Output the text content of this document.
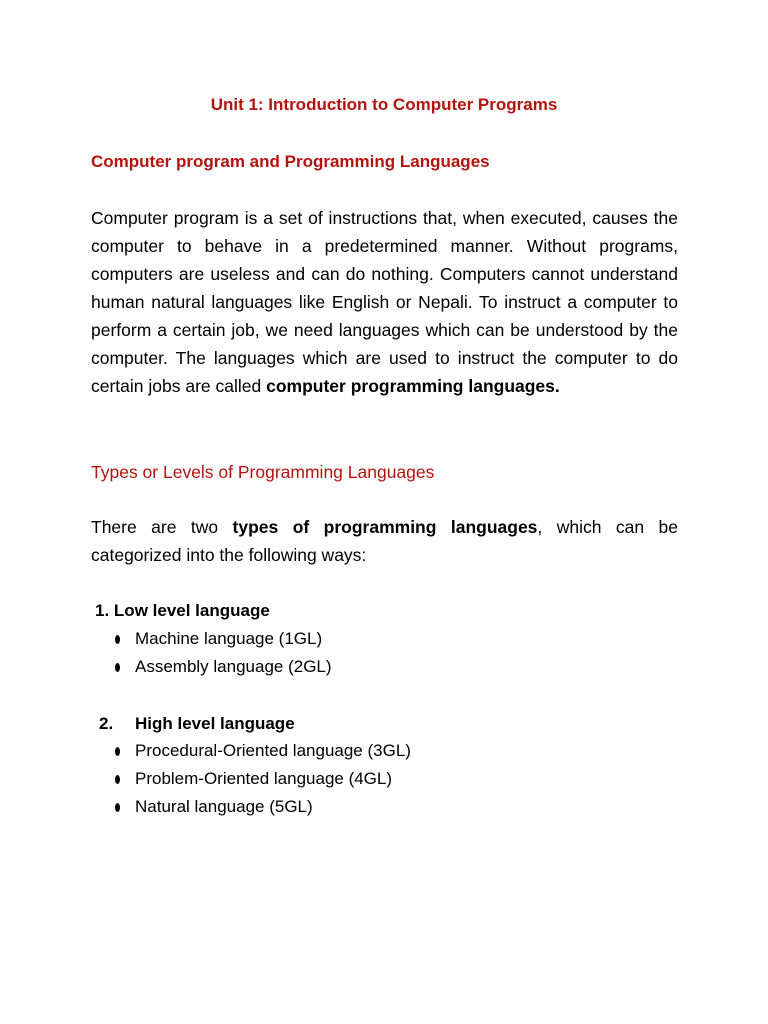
Unit 1: Introduction to Computer Programs
Computer program and Programming Languages
Computer program is a set of instructions that, when executed, causes the computer to behave in a predetermined manner. Without programs, computers are useless and can do nothing. Computers cannot understand human natural languages like English or Nepali. To instruct a computer to perform a certain job, we need languages which can be understood by the computer. The languages which are used to instruct the computer to do certain jobs are called computer programming languages.
Types or Levels of Programming Languages
There are two types of programming languages, which can be categorized into the following ways:
1. Low level language
Machine language (1GL)
Assembly language (2GL)
2. High level language
Procedural-Oriented language (3GL)
Problem-Oriented language (4GL)
Natural language (5GL)
